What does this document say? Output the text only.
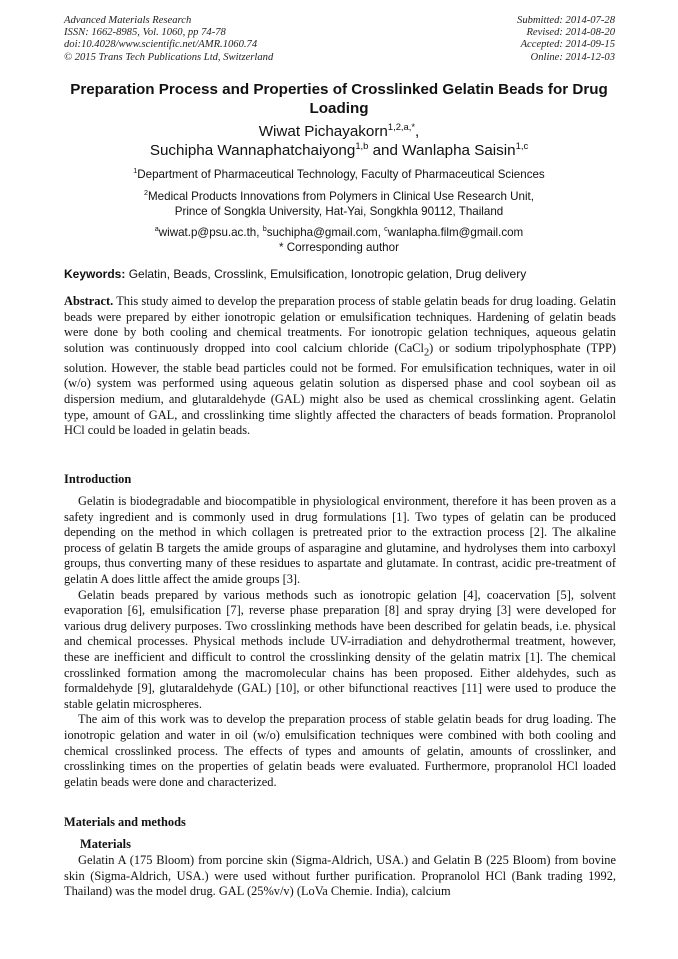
Advanced Materials Research
ISSN: 1662-8985, Vol. 1060, pp 74-78
doi:10.4028/www.scientific.net/AMR.1060.74
© 2015 Trans Tech Publications Ltd, Switzerland
Submitted: 2014-07-28
Revised: 2014-08-20
Accepted: 2014-09-15
Online: 2014-12-03
Preparation Process and Properties of Crosslinked Gelatin Beads for Drug Loading
Wiwat Pichayakorn$^{1,2,a,*}$,
Suchipha Wannaphatchaiyong$^{1,b}$ and Wanlapha Saisin$^{1,c}$
$^1$Department of Pharmaceutical Technology, Faculty of Pharmaceutical Sciences
$^2$Medical Products Innovations from Polymers in Clinical Use Research Unit,
Prince of Songkla University, Hat-Yai, Songkhla 90112, Thailand
$^a$wiwat.p@psu.ac.th, $^b$suchipha@gmail.com, $^c$wanlapha.film@gmail.com
* Corresponding author
Keywords: Gelatin, Beads, Crosslink, Emulsification, Ionotropic gelation, Drug delivery
Abstract. This study aimed to develop the preparation process of stable gelatin beads for drug loading. Gelatin beads were prepared by either ionotropic gelation or emulsification techniques. Hardening of gelatin beads were done by both cooling and chemical treatments. For ionotropic gelation techniques, aqueous gelatin solution was continuously dropped into cool calcium chloride (CaCl$_2$) or sodium tripolyphosphate (TPP) solution. However, the stable bead particles could not be formed. For emulsification techniques, water in oil (w/o) system was performed using aqueous gelatin solution as dispersed phase and cool soybean oil as dispersion medium, and glutaraldehyde (GAL) might also be used as chemical crosslinking agent. Gelatin type, amount of GAL, and crosslinking time slightly affected the characters of beads formation. Propranolol HCl could be loaded in gelatin beads.
Introduction

Gelatin is biodegradable and biocompatible in physiological environment, therefore it has been proven as a safety ingredient and is commonly used in drug formulations [1]. Two types of gelatin can be produced depending on the method in which collagen is pretreated prior to the extraction process [2]. The alkaline process of gelatin B targets the amide groups of asparagine and glutamine, and hydrolyses them into carboxyl groups, thus converting many of these residues to aspartate and glutamate. In contrast, acidic pre-treatment of gelatin A does little affect the amide groups [3].

Gelatin beads prepared by various methods such as ionotropic gelation [4], coacervation [5], solvent evaporation [6], emulsification [7], reverse phase preparation [8] and spray drying [3] were developed for various drug delivery purposes. Two crosslinking methods have been described for gelatin beads, i.e. physical and chemical processes. Physical methods include UV-irradiation and dehydrothermal treatment, however, these are inefficient and difficult to control the crosslinking density of the gelatin matrix [1]. The chemical crosslinked formation among the macromolecular chains has been proposed. Either aldehydes, such as formaldehyde [9], glutaraldehyde (GAL) [10], or other bifunctional reactives [11] were used to produce the stable gelatin microspheres.

The aim of this work was to develop the preparation process of stable gelatin beads for drug loading. The ionotropic gelation and water in oil (w/o) emulsification techniques were combined with both cooling and chemical crosslinked process. The effects of types and amounts of gelatin, amounts of crosslinker, and crosslinking times on the properties of gelatin beads were evaluated. Furthermore, propranolol HCl loaded gelatin beads were done and characterized.

Materials and methods
Materials

Gelatin A (175 Bloom) from porcine skin (Sigma-Aldrich, USA.) and Gelatin B (225 Bloom) from bovine skin (Sigma-Aldrich, USA.) were used without further purification. Propranolol HCl (Bank trading 1992, Thailand) was the model drug. GAL (25%v/v) (LoVa Chemie. India), calcium
